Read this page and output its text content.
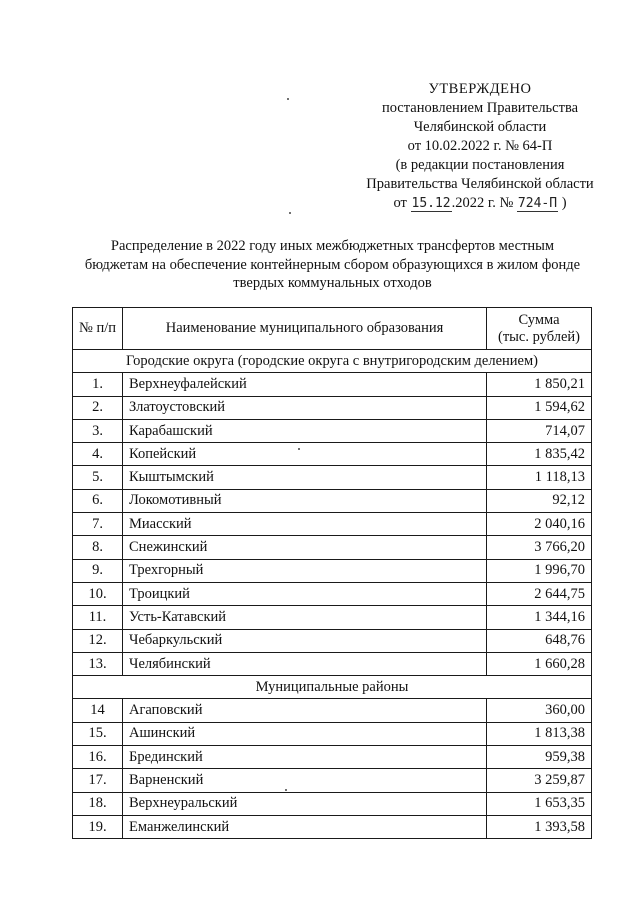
УТВЕРЖДЕНО
постановлением Правительства
Челябинской области
от 10.02.2022 г. № 64-П
(в редакции постановления
Правительства Челябинской области
от 15.12.2022 г. № 724-П )
Распределение в 2022 году иных межбюджетных трансфертов местным
бюджетам на обеспечение контейнерным сбором образующихся в жилом фонде
твердых коммунальных отходов
№ п/п	Наименование муниципального образования	Сумма
(тыс. рублей)

Городские округа (городские округа с внутригородским делением)		
1.	Верхнеуфалейский	1 850,21
2.	Златоустовский	1 594,62
3.	Карабашский	714,07
4.	Копейский	1 835,42
5.	Кыштымский	1 118,13
6.	Локомотивный	92,12
7.	Миасский	2 040,16
8.	Снежинский	3 766,20
9.	Трехгорный	1 996,70
10.	Троицкий	2 644,75
11.	Усть-Катавский	1 344,16
12.	Чебаркульский	648,76
13.	Челябинский	1 660,28
Муниципальные районы		
14	Агаповский	360,00
15.	Ашинский	1 813,38
16.	Брединский	959,38
17.	Варненский	3 259,87
18.	Верхнеуральский	1 653,35
19.	Еманжелинский	1 393,58
